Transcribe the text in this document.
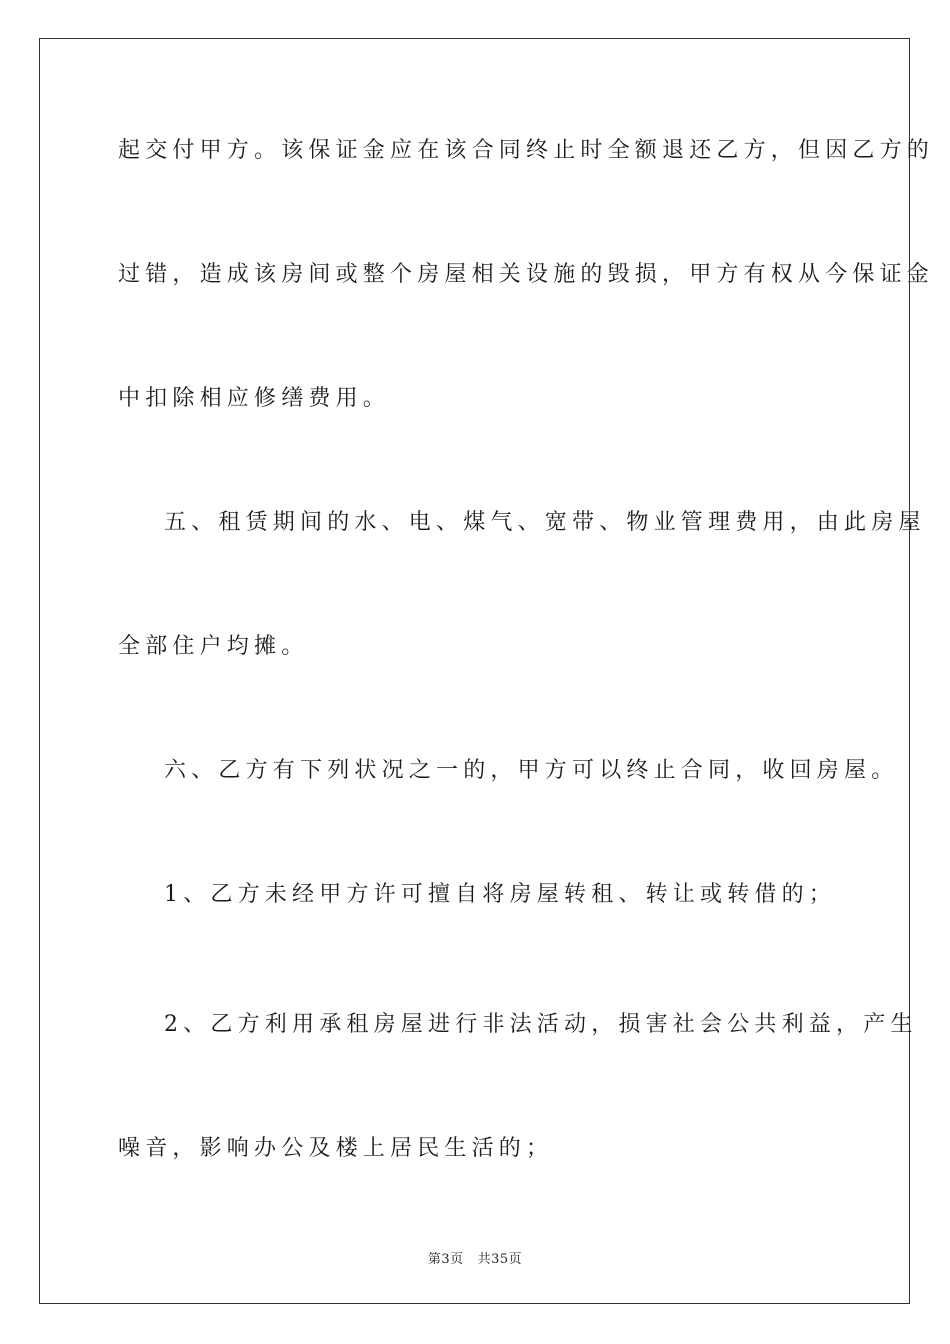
起交付甲方。该保证金应在该合同终止时全额退还乙方，但因乙方的
过错，造成该房间或整个房屋相关设施的毁损，甲方有权从今保证金
中扣除相应修缮费用。
五、租赁期间的水、电、煤气、宽带、物业管理费用，由此房屋
全部住户均摊。
六、乙方有下列状况之一的，甲方可以终止合同，收回房屋。
1、乙方未经甲方许可擅自将房屋转租、转让或转借的；
2、乙方利用承租房屋进行非法活动，损害社会公共利益，产生
噪音，影响办公及楼上居民生活的；
第3页 共35页
